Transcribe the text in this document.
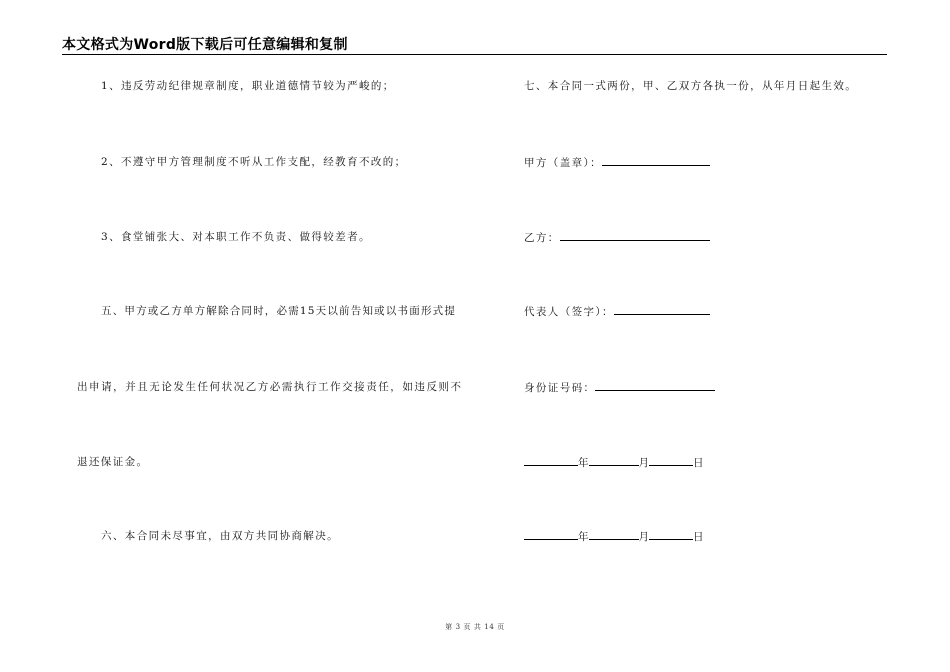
本文格式为Word版下载后可任意编辑和复制
1、违反劳动纪律规章制度，职业道德情节较为严峻的；
2、不遵守甲方管理制度不听从工作支配，经教育不改的；
3、食堂铺张大、对本职工作不负责、做得较差者。
五、甲方或乙方单方解除合同时，必需15天以前告知或以书面形式提
出申请，并且无论发生任何状况乙方必需执行工作交接责任，如违反则不
退还保证金。
六、本合同未尽事宜，由双方共同协商解决。
七、本合同一式两份，甲、乙双方各执一份，从年月日起生效。
甲方（盖章）：
乙方：
代表人（签字）：
身份证号码：
年	月	日
年	月	日
第 3 页 共 14 页
